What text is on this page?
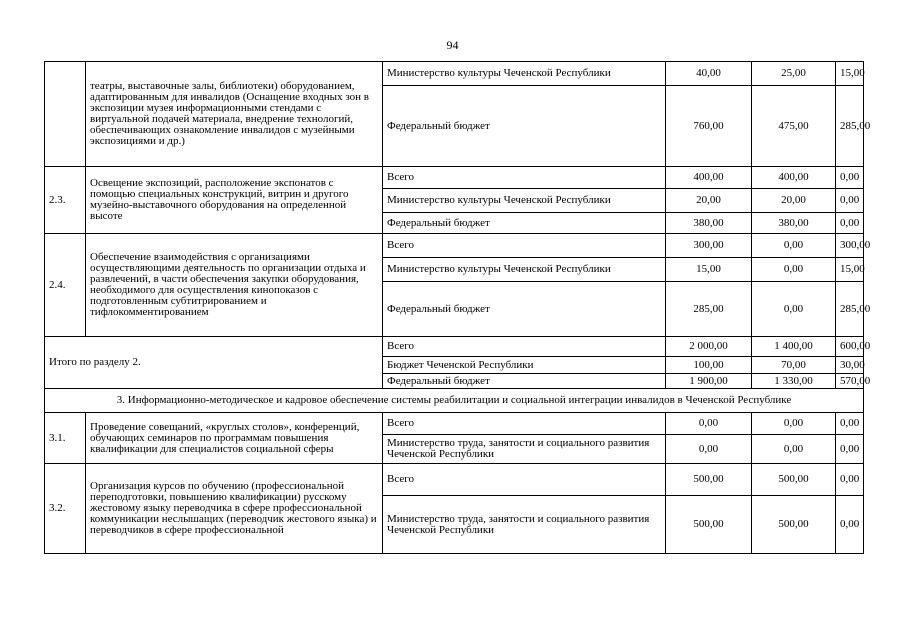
94
	театры, выставочные залы, библиотеки) оборудованием, адаптированным для инвалидов (Оснащение входных зон в экспозиции музея информационными стендами с виртуальной подачей материала, внедрение технологий, обеспечивающих ознакомление инвалидов с музейными экспозициями и др.)	Министерство культуры Чеченской Республики	40,00	25,00	15,00
		Федеральный бюджет	760,00	475,00	285,00
2.3.	Освещение экспозиций, расположение экспонатов с помощью специальных конструкций, витрин и другого музейно-выставочного оборудования на определенной высоте	Всего	400,00	400,00	0,00
		Министерство культуры Чеченской Республики	20,00	20,00	0,00
		Федеральный бюджет	380,00	380,00	0,00
2.4.	Обеспечение взаимодействия с организациями осуществляющими деятельность по организации отдыха и развлечений, в части обеспечения закупки оборудования, необходимого для осуществления кинопоказов с подготовленным субтитрированием и тифлокомментированием	Всего	300,00	0,00	300,00
		Министерство культуры Чеченской Республики	15,00	0,00	15,00
		Федеральный бюджет	285,00	0,00	285,00
Итого по разделу 2.		Всего	2 000,00	1 400,00	600,00
		Бюджет Чеченской Республики	100,00	70,00	30,00
		Федеральный бюджет	1 900,00	1 330,00	570,00
3. Информационно-методическое и кадровое обеспечение системы реабилитации и социальной интеграции инвалидов в Чеченской Республике					
3.1.	Проведение совещаний, «круглых столов», конференций, обучающих семинаров по программам повышения квалификации для специалистов социальной сферы	Всего	0,00	0,00	0,00
		Министерство труда, занятости и социального развития Чеченской Республики	0,00	0,00	0,00
3.2.	Организация курсов по обучению (профессиональной переподготовки, повышению квалификации) русскому жестовому языку переводчика в сфере профессиональной коммуникации неслышащих (переводчик жестового языка) и переводчиков в сфере профессиональной	Всего	500,00	500,00	0,00
		Министерство труда, занятости и социального развития Чеченской Республики	500,00	500,00	0,00
